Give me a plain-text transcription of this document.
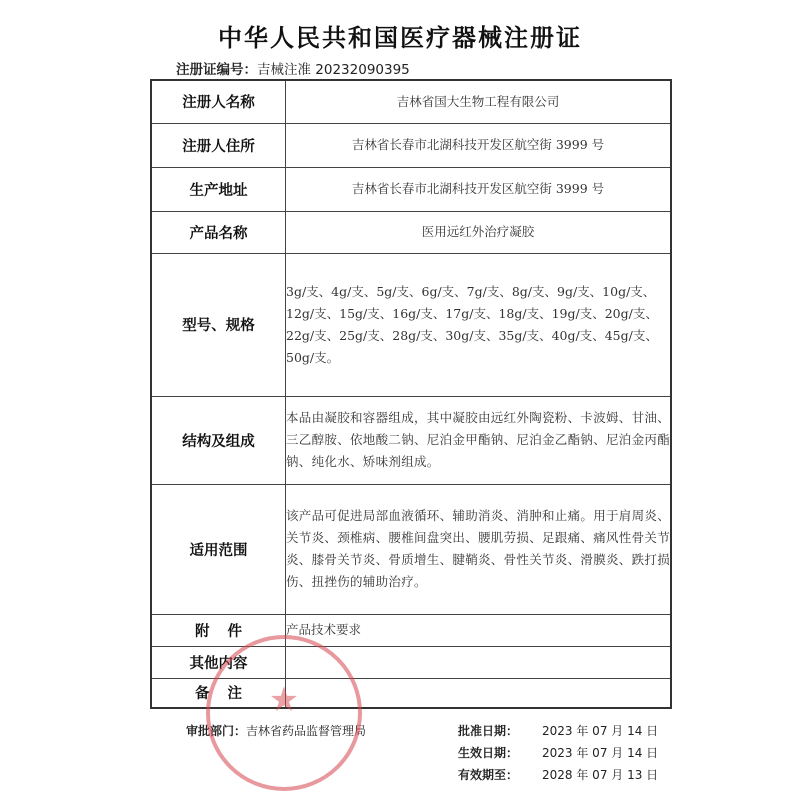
中华人民共和国医疗器械注册证
注册证编号：吉械注准 20232090395
注册人名称	吉林省国大生物工程有限公司
注册人住所	吉林省长春市北湖科技开发区航空街 3999 号
生产地址	吉林省长春市北湖科技开发区航空街 3999 号
产品名称	医用远红外治疗凝胶
型号、规格	3g/支、4g/支、5g/支、6g/支、7g/支、8g/支、9g/支、10g/支、
12g/支、15g/支、16g/支、17g/支、18g/支、19g/支、20g/支、
22g/支、25g/支、28g/支、30g/支、35g/支、40g/支、45g/支、
50g/支。

结构及组成	本品由凝胶和容器组成，其中凝胶由远红外陶瓷粉、卡波姆、甘油、三乙醇胺、依地酸二钠、尼泊金甲酯钠、尼泊金乙酯钠、尼泊金丙酯钠、纯化水、矫味剂组成。
适用范围	该产品可促进局部血液循环、辅助消炎、消肿和止痛。用于肩周炎、关节炎、颈椎病、腰椎间盘突出、腰肌劳损、足跟痛、痛风性骨关节炎、膝骨关节炎、骨质增生、腱鞘炎、骨性关节炎、滑膜炎、跌打损伤、扭挫伤的辅助治疗。
附件	产品技术要求
其他内容	
备注	
审批部门：吉林省药品监督管理局	批准日期： 2023 年 07 月 14 日
生效日期： 2023 年 07 月 14 日
有效期至： 2028 年 07 月 13 日
★
